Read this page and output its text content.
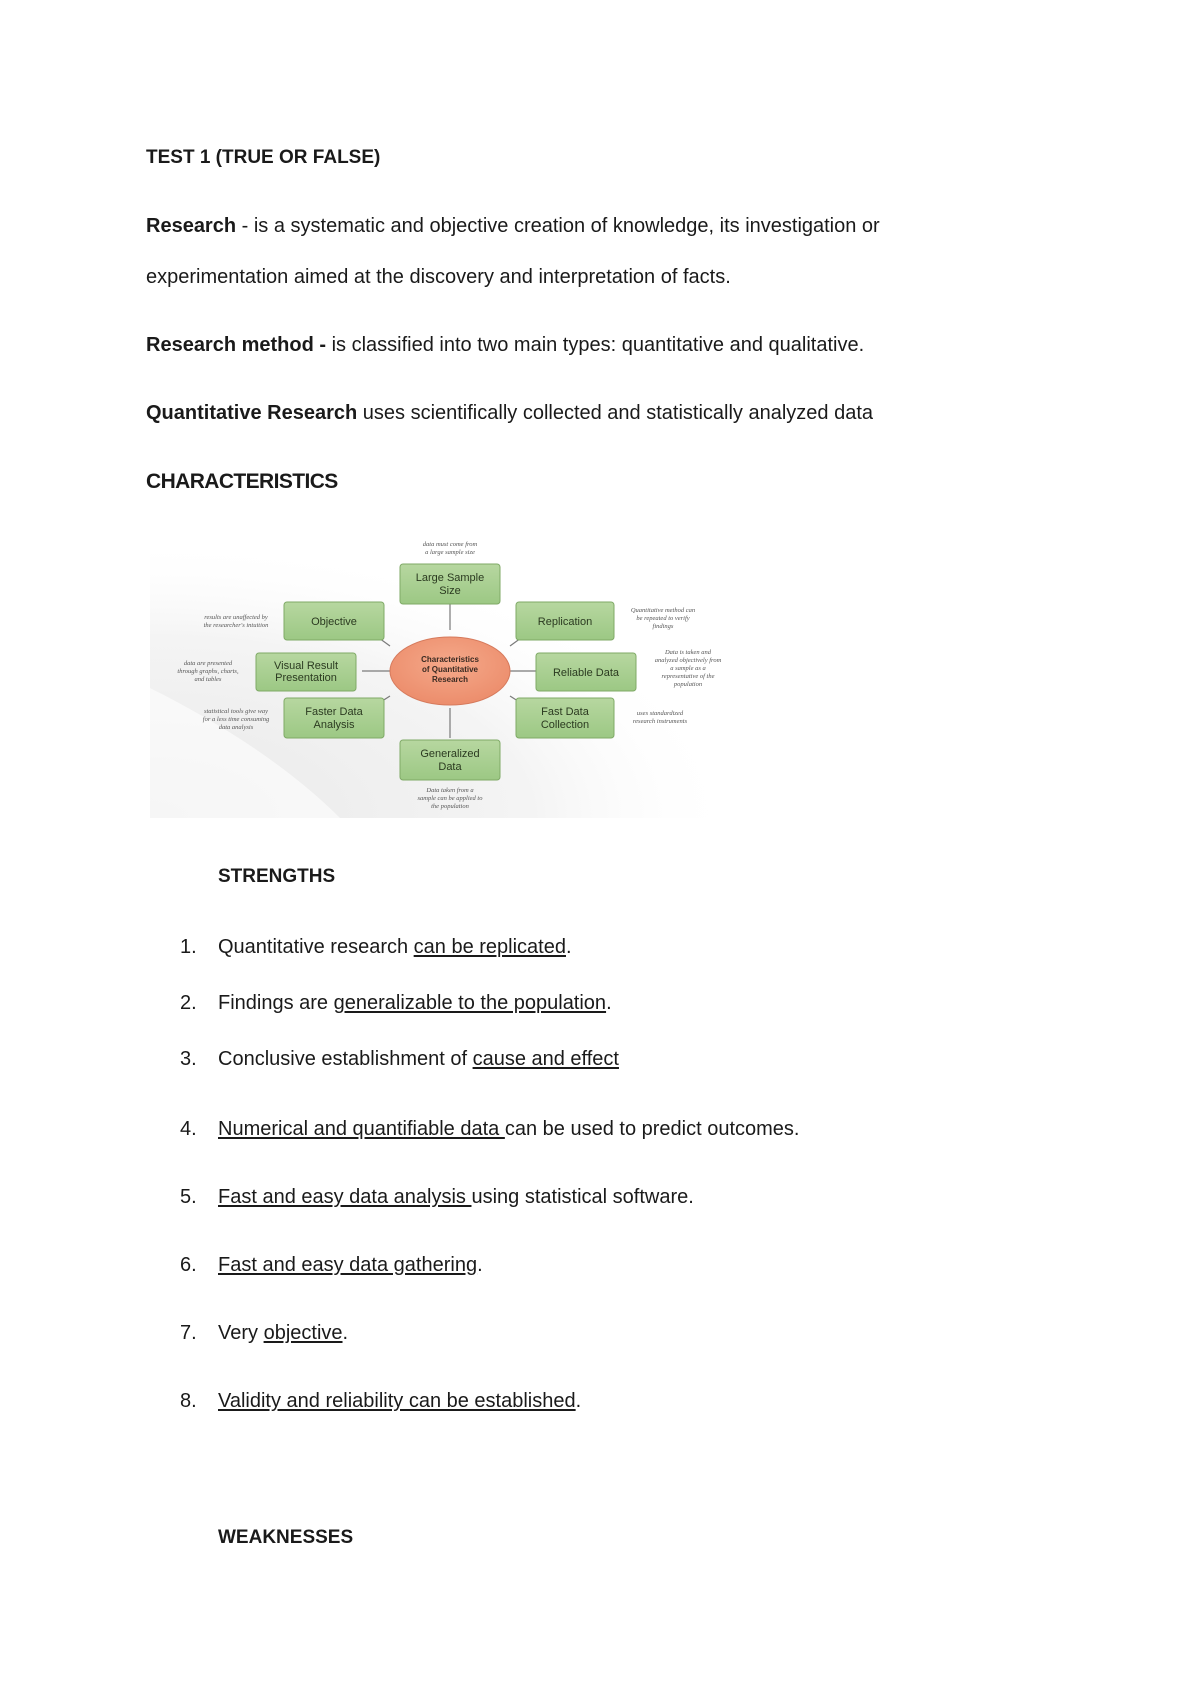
TEST 1 (TRUE OR FALSE)
Research - is a systematic and objective creation of knowledge, its investigation or
experimentation aimed at the discovery and interpretation of facts.
Research method - is classified into two main types: quantitative and qualitative.
Quantitative Research uses scientifically collected and statistically analyzed data
CHARACTERISTICS
Characteristics
of Quantitative
Research
Large Sample
Size
Replication
Reliable Data
Fast Data
Collection
Generalized
Data
Faster Data
Analysis
Visual Result
Presentation
Objective
data must come from
a large sample size
Quantitative method can
be repeated to verify
findings
Data is taken and
analyzed objectively from
a sample as a
representative of the
population
uses standardized
research instruments
Data taken from a
sample can be applied to
the population
statistical tools give way
for a less time consuming
data analysis
data are presented
through graphs, charts,
and tables
results are unaffected by
the researcher's intuition
STRENGTHS
1. Quantitative research can be replicated.
2. Findings are generalizable to the population.
3. Conclusive establishment of cause and effect
4. Numerical and quantifiable data can be used to predict outcomes.
5. Fast and easy data analysis using statistical software.
6. Fast and easy data gathering.
7. Very objective.
8. Validity and reliability can be established.
WEAKNESSES
